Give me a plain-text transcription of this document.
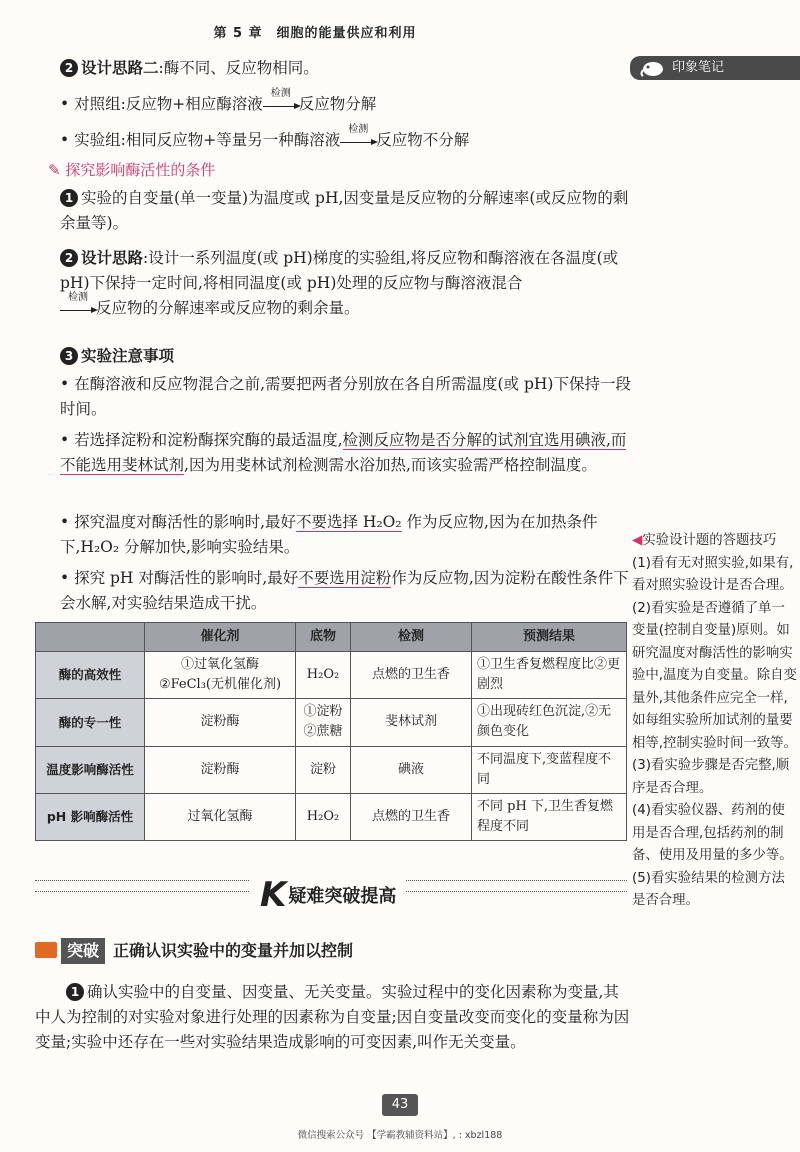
第 5 章　细胞的能量供应和利用
印象笔记
2 设计思路二:酶不同、反应物相同。
• 对照组:反应物+相应酶溶液
检测
反应物分解
• 实验组:相同反应物+等量另一种酶溶液
检测
反应物不分解
✎ 探究影响酶活性的条件
1 实验的自变量(单一变量)为温度或 pH,因变量是反应物的分解速率(或反应物的剩余量等)。
2 设计思路:设计一系列温度(或 pH)梯度的实验组,将反应物和酶溶液在各温度(或 pH)下保持一定时间,将相同温度(或 pH)处理的反应物与酶溶液混合

检测
反应物的分解速率或反应物的剩余量。
3 实验注意事项
• 在酶溶液和反应物混合之前,需要把两者分别放在各自所需温度(或 pH)下保持一段时间。
• 若选择淀粉和淀粉酶探究酶的最适温度,检测反应物是否分解的试剂宜选用碘液,而不能选用斐林试剂,因为用斐林试剂检测需水浴加热,而该实验需严格控制温度。
• 探究温度对酶活性的影响时,最好不要选择 H₂O₂ 作为反应物,因为在加热条件下,H₂O₂ 分解加快,影响实验结果。
• 探究 pH 对酶活性的影响时,最好不要选用淀粉作为反应物,因为淀粉在酸性条件下会水解,对实验结果造成干扰。
	催化剂	底物	检测	预测结果
酶的高效性	①过氧化氢酶
②FeCl₃(无机催化剂)	H₂O₂	点燃的卫生香	①卫生香复燃程度比②更剧烈
酶的专一性	淀粉酶	①淀粉
②蔗糖	斐林试剂	①出现砖红色沉淀,②无颜色变化
温度影响酶活性	淀粉酶	淀粉	碘液	不同温度下,变蓝程度不同
pH 影响酶活性	过氧化氢酶	H₂O₂	点燃的卫生香	不同 pH 下,卫生香复燃程度不同
K疑难突破提高
突破 正确认识实验中的变量并加以控制
1 确认实验中的自变量、因变量、无关变量。实验过程中的变化因素称为变量,其中人为控制的对实验对象进行处理的因素称为自变量;因自变量改变而变化的变量称为因变量;实验中还存在一些对实验结果造成影响的可变因素,叫作无关变量。
◀实验设计题的答题技巧
(1)看有无对照实验,如果有,看对照实验设计是否合理。
(2)看实验是否遵循了单一变量(控制自变量)原则。如研究温度对酶活性的影响实验中,温度为自变量。除自变量外,其他条件应完全一样,如每组实验所加试剂的量要相等,控制实验时间一致等。
(3)看实验步骤是否完整,顺序是否合理。
(4)看实验仪器、药剂的使用是否合理,包括药剂的制备、使用及用量的多少等。
(5)看实验结果的检测方法是否合理。
43
微信搜索公众号 【学霸教辅资料站】, : xbzl188
